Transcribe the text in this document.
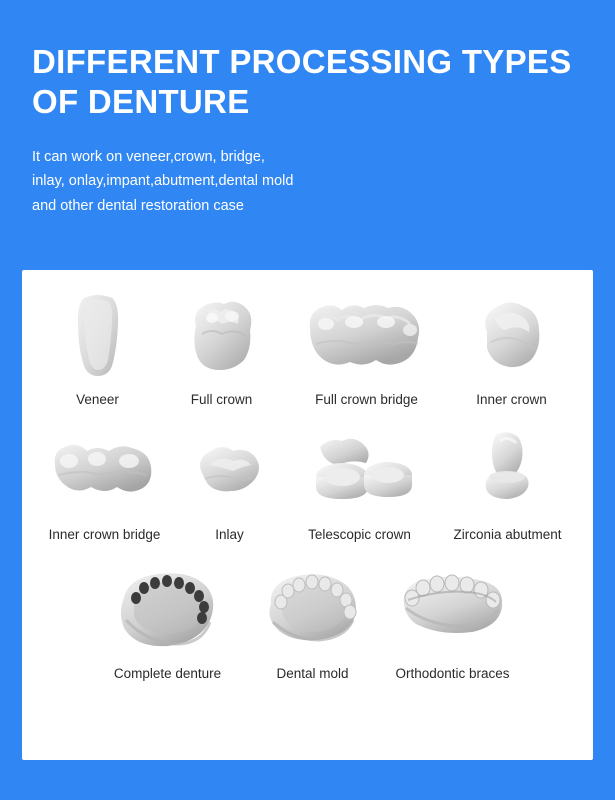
DIFFERENT PROCESSING TYPES OF DENTURE
It can work on veneer,crown, bridge,
inlay, onlay,impant,abutment,dental mold
and other dental restoration case
Veneer	Full crown	Full crown bridge	Inner crown
Inner crown bridge	Inlay	Telescopic crown	Zirconia abutment
Complete denture	Dental mold	Orthodontic braces
